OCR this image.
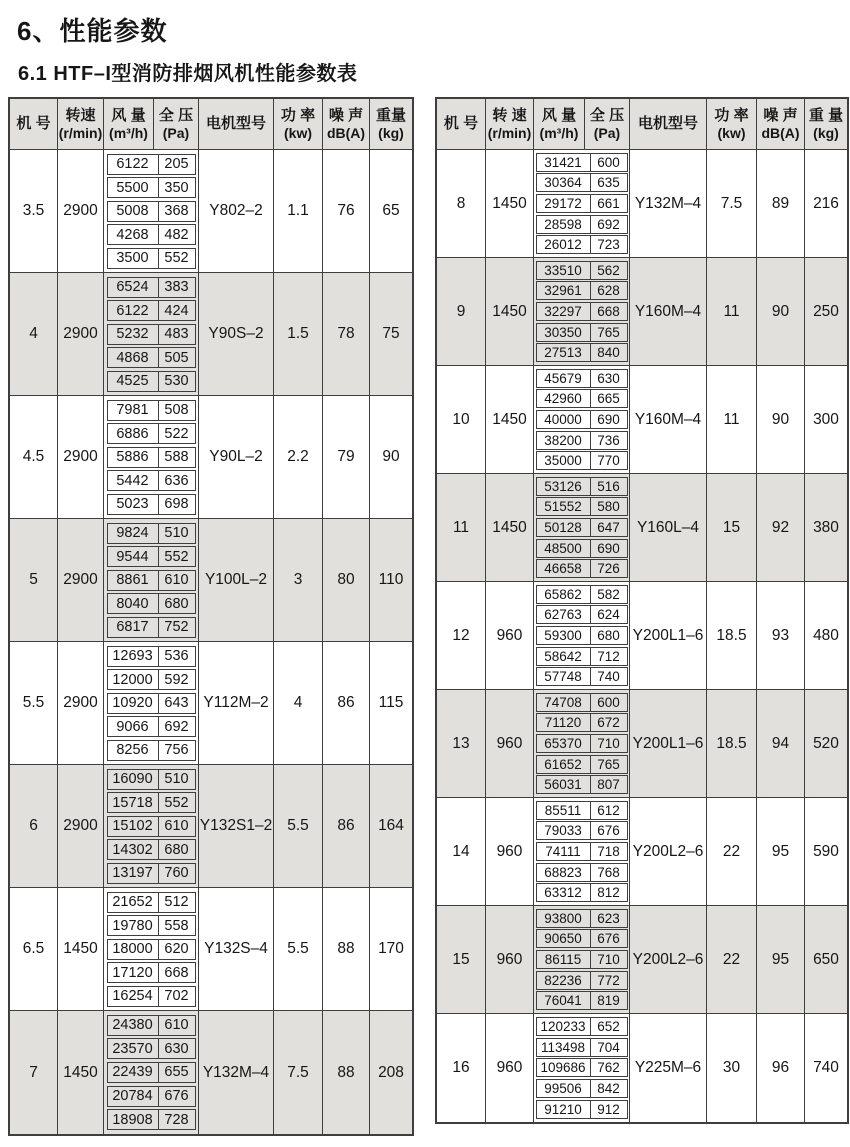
6、性能参数
6.1 HTF–I型消防排烟风机性能参数表
机 号 转速
(r/min)
风 量
(m³/h)
全 压
(Pa)
电机型号 功 率
(kw)
噪 声
dB(A)
重量
(kg)
3.5	2900
6122	205
5500	350
5008	368
4268	482
3500	552
Y802–2	1.1	76	65
4	2900
6524	383
6122	424
5232	483
4868	505
4525	530
Y90S–2	1.5	78	75
4.5	2900
7981	508
6886	522
5886	588
5442	636
5023	698
Y90L–2	2.2	79	90
5	2900
9824	510
9544	552
8861	610
8040	680
6817	752
Y100L–2	3	80	110
5.5	2900
12693 536
12000 592
10920 643
9066	692
8256	756
Y112M–2	4	86	115
6	2900
16090 510
15718 552
15102 610
14302 680
13197 760
Y132S1–2 5.5	86	164
6.5	1450
21652 512
19780 558
18000 620
17120 668
16254 702
Y132S–4	5.5	88	170
7	1450
24380 610
23570 630
22439 655
20784 676
18908 728
Y132M–4	7.5	88	208
机 号 转 速
(r/min)
风 量
(m³/h)
全 压
(Pa)
电机型号 功 率
(kw)
噪 声
dB(A)
重 量
(kg)
8	1450
31421	600
30364	635
29172	661
28598	692
26012	723
Y132M–4	7.5	89	216
9	1450
33510	562
32961	628
32297	668
30350	765
27513	840
Y160M–4	11	90	250
10	1450
45679	630
42960	665
40000	690
38200	736
35000	770
Y160M–4	11	90	300
11	1450
53126	516
51552	580
50128	647
48500	690
46658	726
Y160L–4	15	92	380
12	960
65862	582
62763	624
59300	680
58642	712
57748	740
Y200L1–6 18.5	93	480
13	960
74708	600
71120	672
65370	710
61652	765
56031	807
Y200L1–6 18.5	94	520
14	960
85511	612
79033	676
74111	718
68823	768
63312	812
Y200L2–6	22	95	590
15	960
93800	623
90650	676
86115	710
82236	772
76041	819
Y200L2–6	22	95	650
16	960
120233 652
113498 704
109686 762
99506	842
91210	912
Y225M–6	30	96	740
